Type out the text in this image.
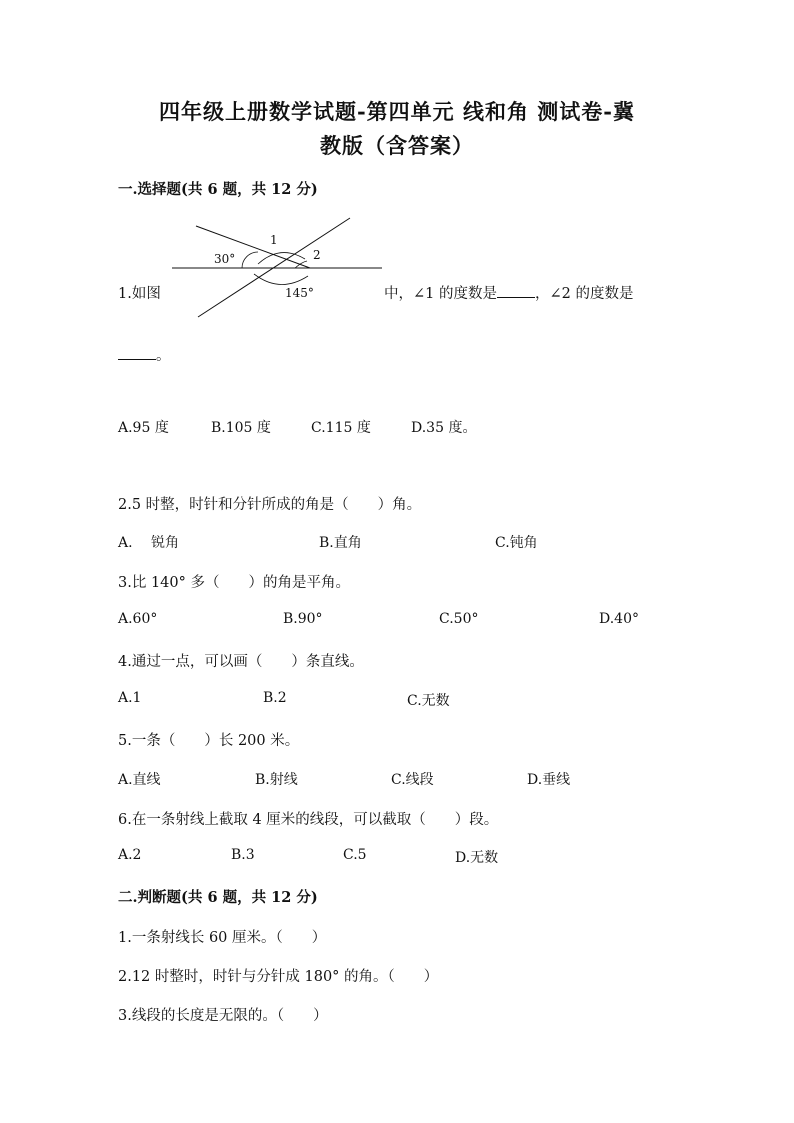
四年级上册数学试题-第四单元 线和角 测试卷-冀
教版（含答案）
一.选择题(共 6 题，共 12 分)
30°
1
2
145°
1.如图	中，∠1 的度数是	，∠2 的度数是
。
A.95 度	B.105 度	C.115 度	D.35 度。
2.5 时整，时针和分针所成的角是（　　）角。
A.　 锐角	B.直角	C.钝角
3.比 140° 多（　　）的角是平角。
A.60°	B.90°	C.50°	D.40°
4.通过一点，可以画（　　）条直线。
A.1	B.2	C.无数
5.一条（　　）长 200 米。
A.直线	B.射线	C.线段	D.垂线
6.在一条射线上截取 4 厘米的线段，可以截取（　　）段。
A.2	B.3	C.5	D.无数
二.判断题(共 6 题，共 12 分)
1.一条射线长 60 厘米。（　　）
2.12 时整时，时针与分针成 180° 的角。（　　）
3.线段的长度是无限的。（　　）
